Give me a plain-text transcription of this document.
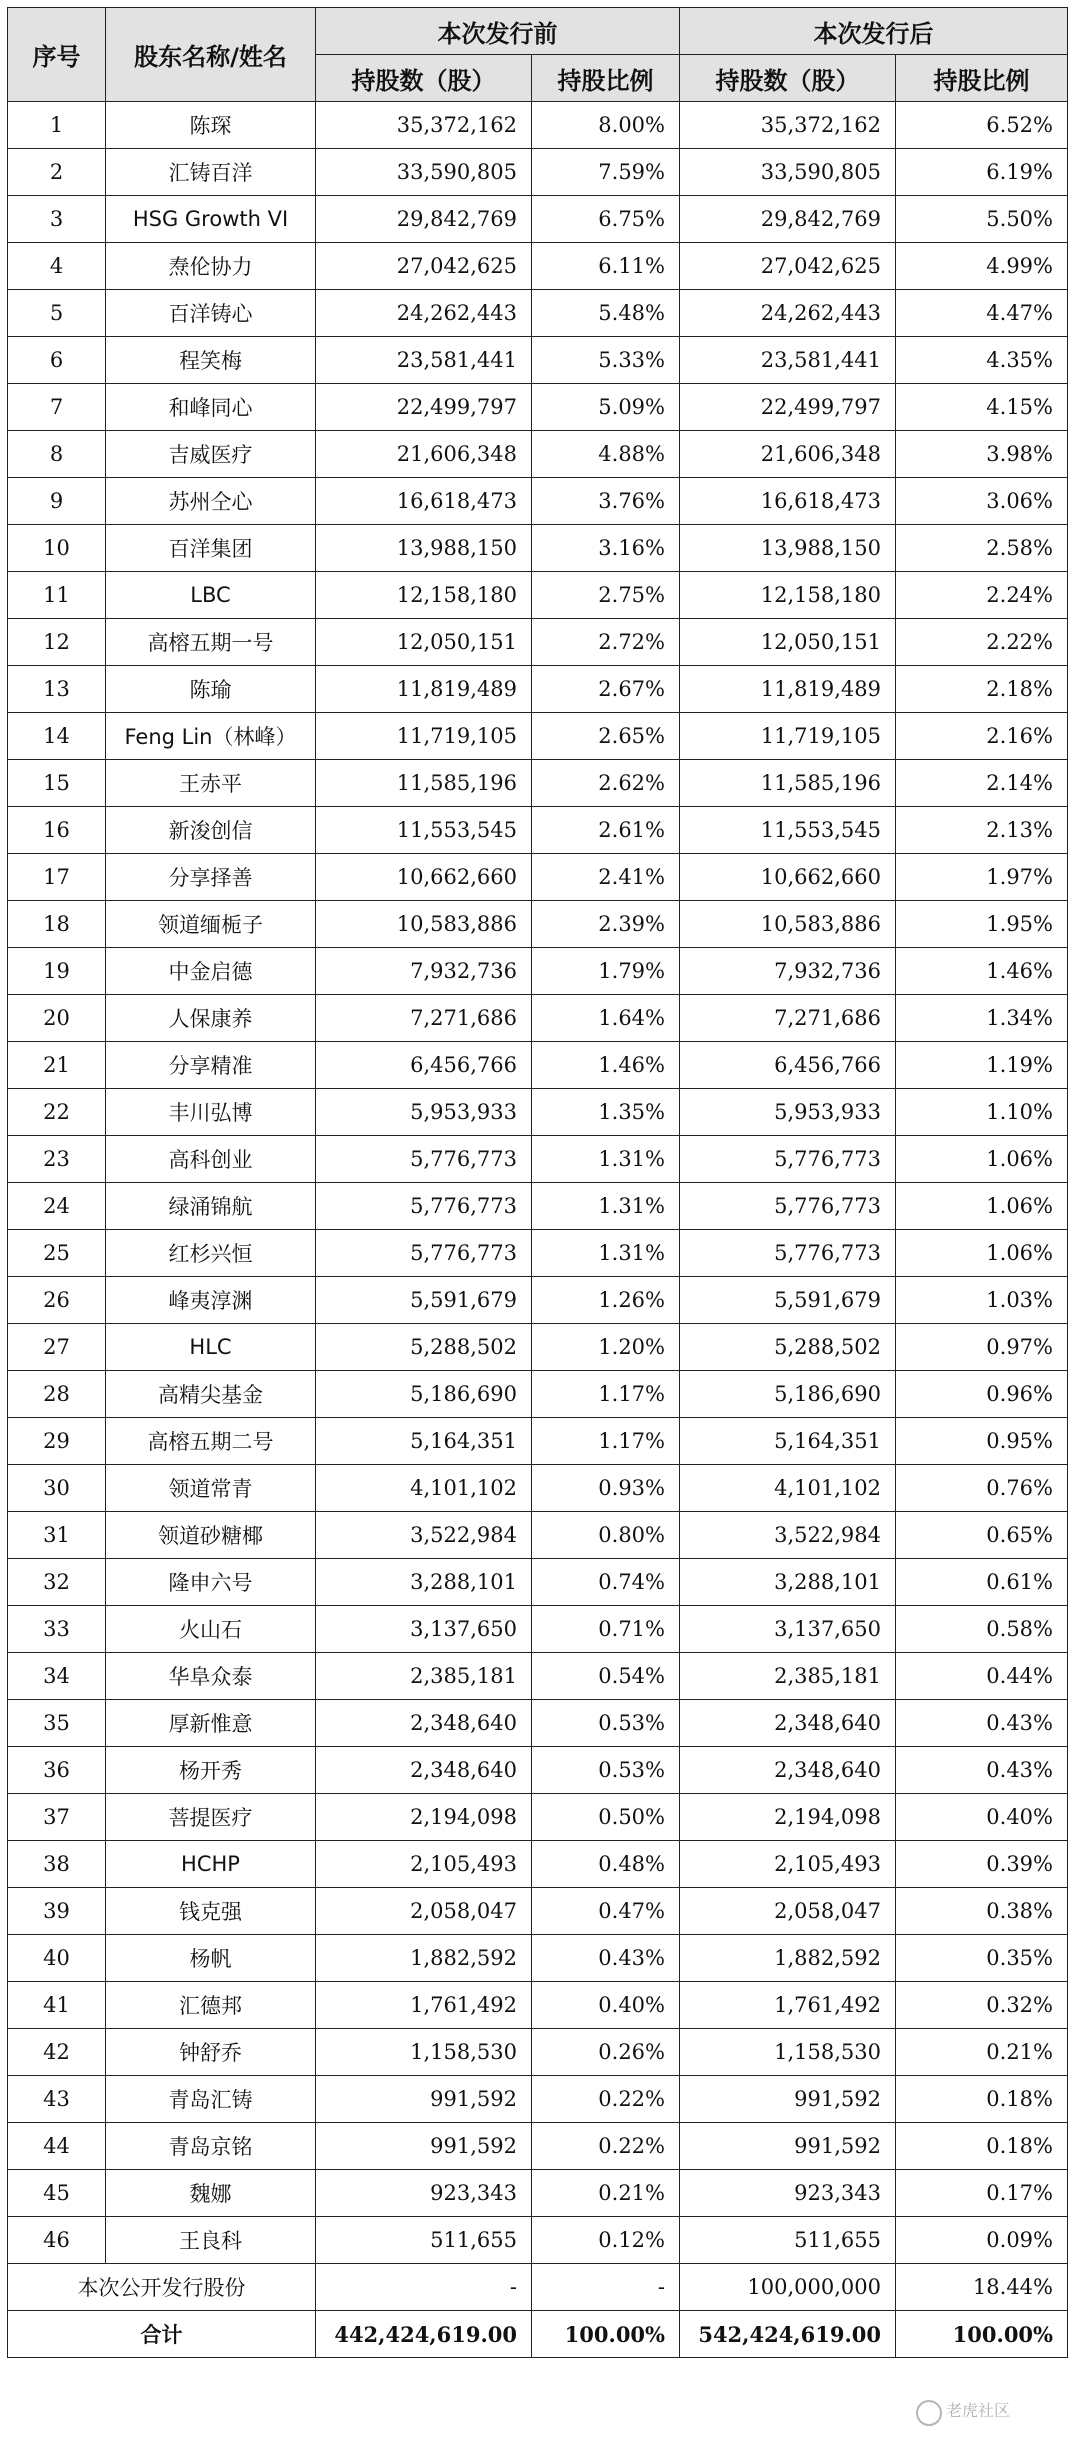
序号	股东名称/姓名	本次发行前		本次发行后	
		持股数（股）	持股比例	持股数（股）	持股比例
1	陈琛	35,372,162	8.00%	35,372,162	6.52%
2	汇铸百洋	33,590,805	7.59%	33,590,805	6.19%
3	HSG Growth VI	29,842,769	6.75%	29,842,769	5.50%
4	焘伦协力	27,042,625	6.11%	27,042,625	4.99%
5	百洋铸心	24,262,443	5.48%	24,262,443	4.47%
6	程笑梅	23,581,441	5.33%	23,581,441	4.35%
7	和峰同心	22,499,797	5.09%	22,499,797	4.15%
8	吉威医疗	21,606,348	4.88%	21,606,348	3.98%
9	苏州仝心	16,618,473	3.76%	16,618,473	3.06%
10	百洋集团	13,988,150	3.16%	13,988,150	2.58%
11	LBC	12,158,180	2.75%	12,158,180	2.24%
12	高榕五期一号	12,050,151	2.72%	12,050,151	2.22%
13	陈瑜	11,819,489	2.67%	11,819,489	2.18%
14	Feng Lin（林峰）	11,719,105	2.65%	11,719,105	2.16%
15	王赤平	11,585,196	2.62%	11,585,196	2.14%
16	新浚创信	11,553,545	2.61%	11,553,545	2.13%
17	分享择善	10,662,660	2.41%	10,662,660	1.97%
18	领道缅栀子	10,583,886	2.39%	10,583,886	1.95%
19	中金启德	7,932,736	1.79%	7,932,736	1.46%
20	人保康养	7,271,686	1.64%	7,271,686	1.34%
21	分享精准	6,456,766	1.46%	6,456,766	1.19%
22	丰川弘博	5,953,933	1.35%	5,953,933	1.10%
23	高科创业	5,776,773	1.31%	5,776,773	1.06%
24	绿涌锦航	5,776,773	1.31%	5,776,773	1.06%
25	红杉兴恒	5,776,773	1.31%	5,776,773	1.06%
26	峰夷淳渊	5,591,679	1.26%	5,591,679	1.03%
27	HLC	5,288,502	1.20%	5,288,502	0.97%
28	高精尖基金	5,186,690	1.17%	5,186,690	0.96%
29	高榕五期二号	5,164,351	1.17%	5,164,351	0.95%
30	领道常青	4,101,102	0.93%	4,101,102	0.76%
31	领道砂糖椰	3,522,984	0.80%	3,522,984	0.65%
32	隆申六号	3,288,101	0.74%	3,288,101	0.61%
33	火山石	3,137,650	0.71%	3,137,650	0.58%
34	华阜众泰	2,385,181	0.54%	2,385,181	0.44%
35	厚新惟意	2,348,640	0.53%	2,348,640	0.43%
36	杨开秀	2,348,640	0.53%	2,348,640	0.43%
37	菩提医疗	2,194,098	0.50%	2,194,098	0.40%
38	HCHP	2,105,493	0.48%	2,105,493	0.39%
39	钱克强	2,058,047	0.47%	2,058,047	0.38%
40	杨帆	1,882,592	0.43%	1,882,592	0.35%
41	汇德邦	1,761,492	0.40%	1,761,492	0.32%
42	钟舒乔	1,158,530	0.26%	1,158,530	0.21%
43	青岛汇铸	991,592	0.22%	991,592	0.18%
44	青岛京铭	991,592	0.22%	991,592	0.18%
45	魏娜	923,343	0.21%	923,343	0.17%
46	王良科	511,655	0.12%	511,655	0.09%
本次公开发行股份		-	-	100,000,000	18.44%
合计		442,424,619.00	100.00%	542,424,619.00	100.00%
老虎社区
